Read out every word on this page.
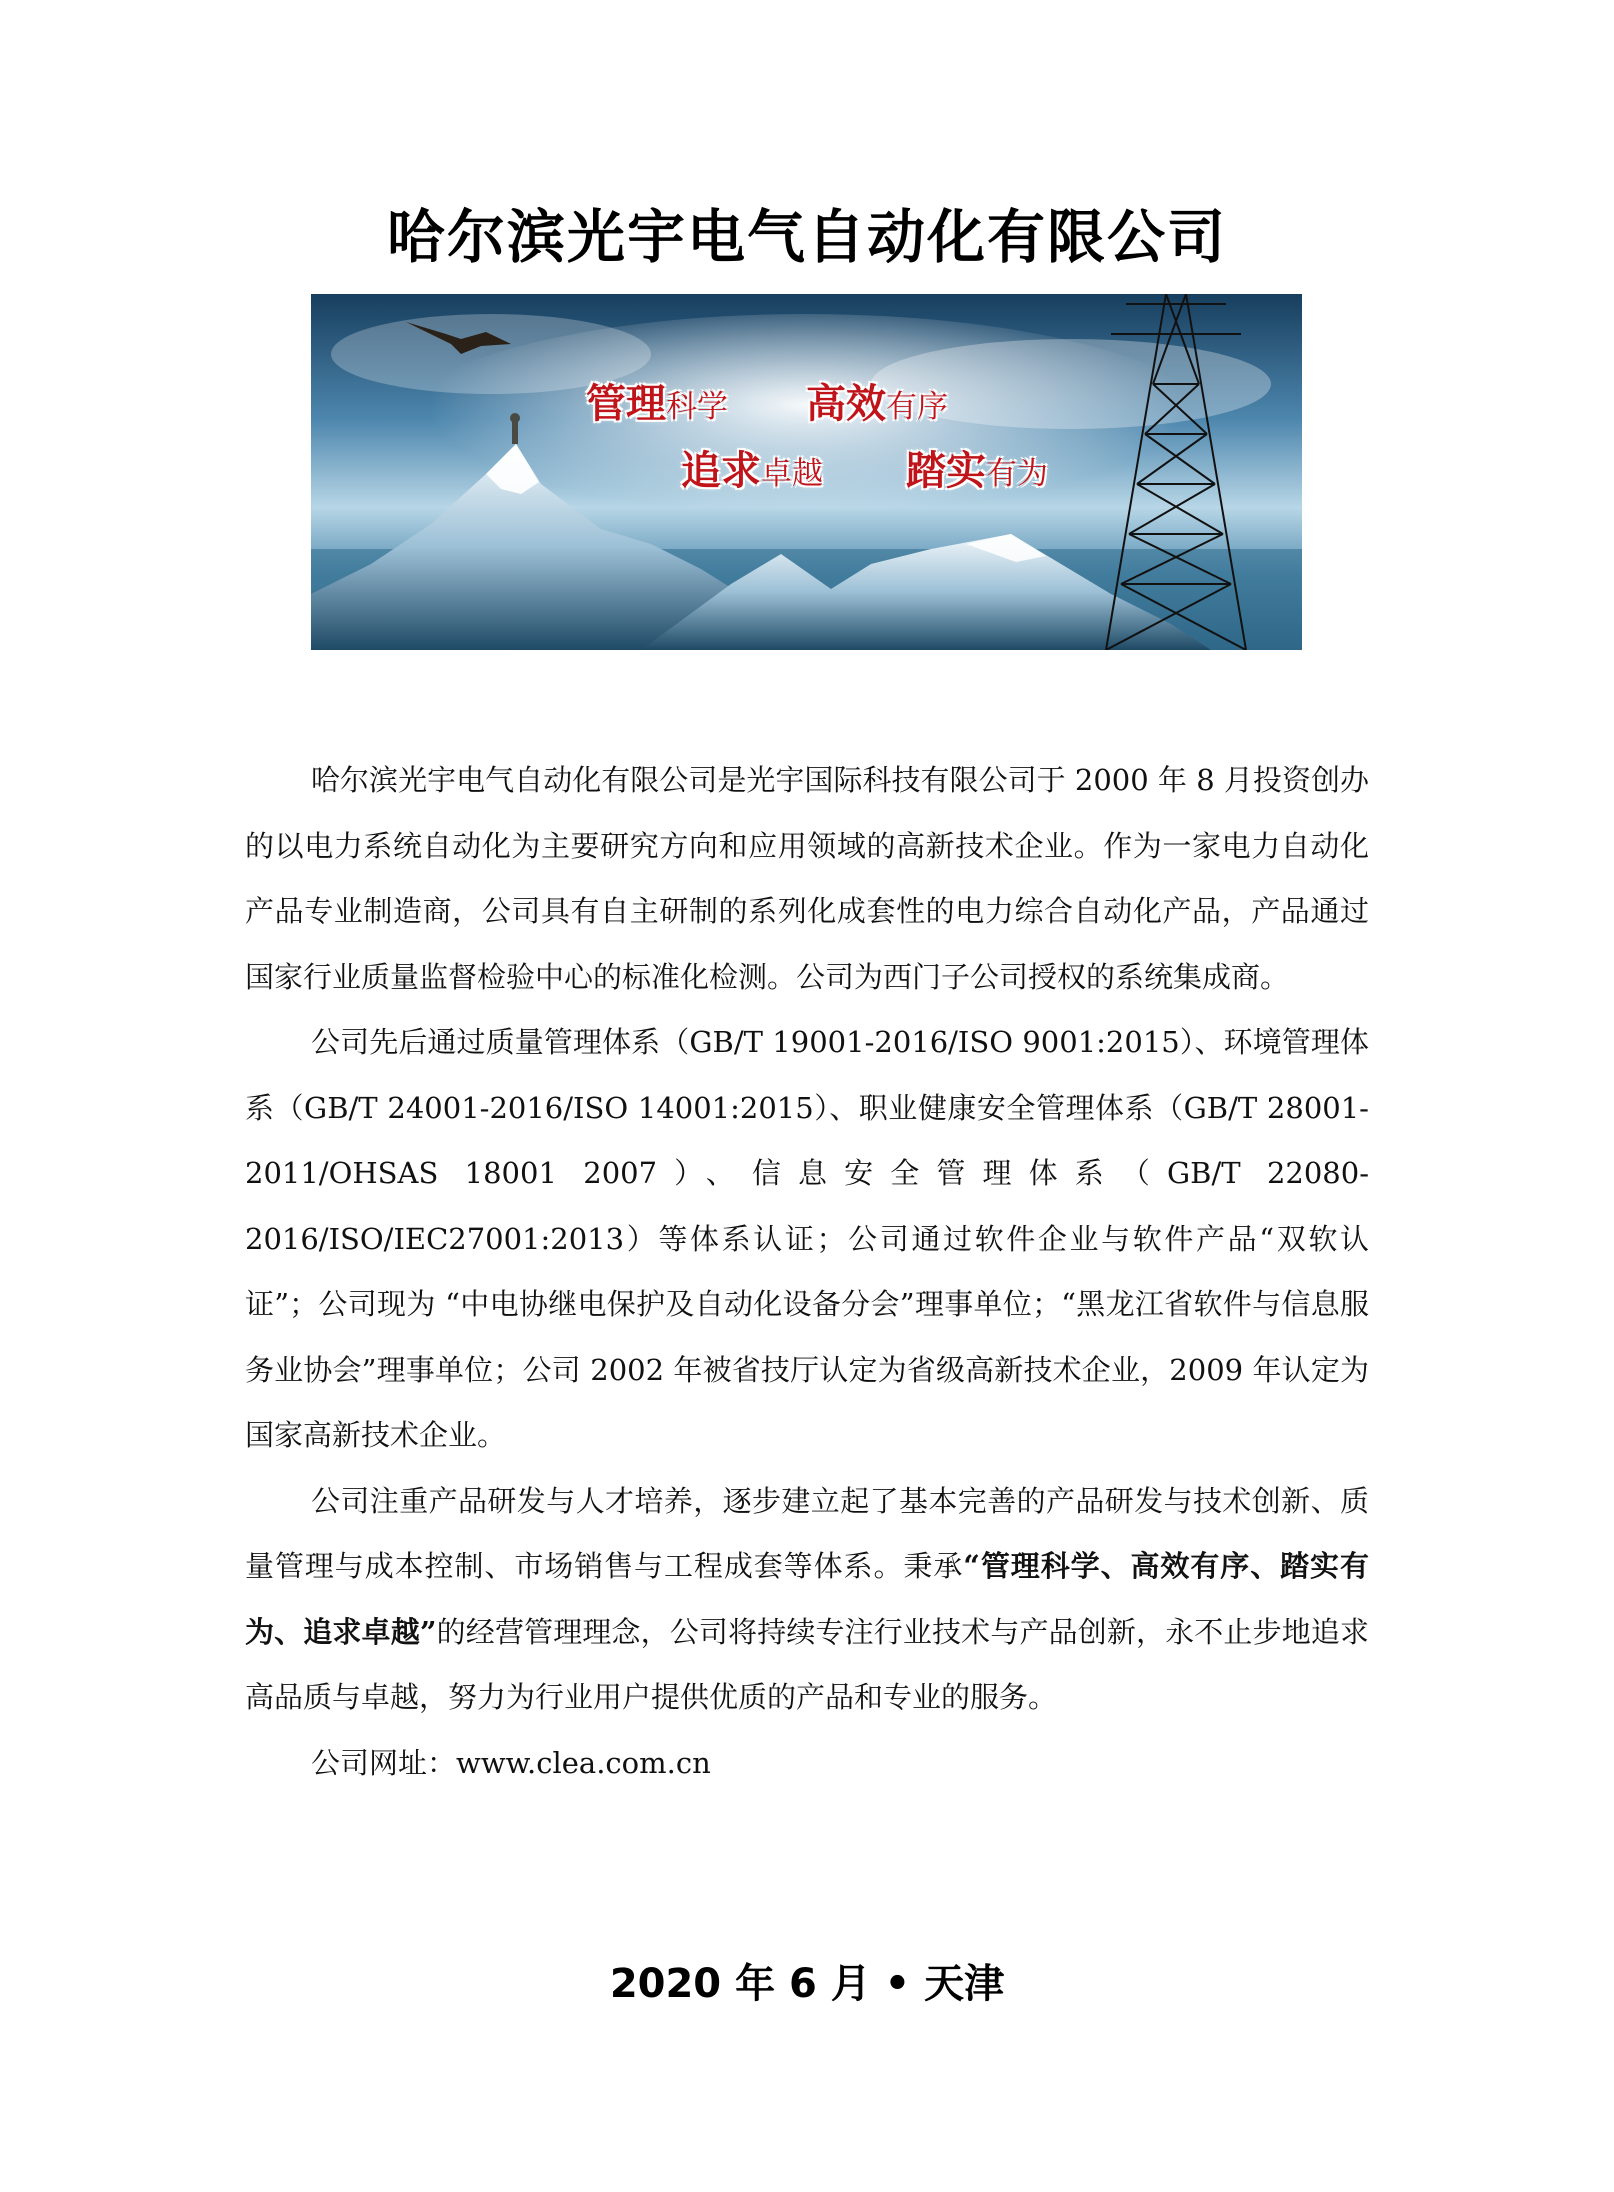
哈尔滨光宇电气自动化有限公司
管理科学 高效有序
追求卓越 踏实有为

哈尔滨光宇电气自动化有限公司是光宇国际科技有限公司于 2000 年 8 月投资创办的以电力系统自动化为主要研究方向和应用领域的高新技术企业。作为一家电力自动化产品专业制造商，公司具有自主研制的系列化成套性的电力综合自动化产品，产品通过国家行业质量监督检验中心的标准化检测。公司为西门子公司授权的系统集成商。

公司先后通过质量管理体系（GB/T 19001-2016/ISO 9001:2015）、环境管理体系（GB/T 24001-2016/ISO 14001:2015）、职业健康安全管理体系（GB/T 28001-2011/OHSAS 18001 2007）、信息安全管理体系（GB/T 22080-2016/ISO/IEC27001:2013）等体系认证；公司通过软件企业与软件产品“双软认证”；公司现为 “中电协继电保护及自动化设备分会”理事单位；“黑龙江省软件与信息服务业协会”理事单位；公司 2002 年被省技厅认定为省级高新技术企业，2009 年认定为国家高新技术企业。

公司注重产品研发与人才培养，逐步建立起了基本完善的产品研发与技术创新、质量管理与成本控制、市场销售与工程成套等体系。秉承“管理科学、高效有序、踏实有为、追求卓越”的经营管理理念，公司将持续专注行业技术与产品创新，永不止步地追求高品质与卓越，努力为行业用户提供优质的产品和专业的服务。

公司网址：www.clea.com.cn

2020 年 6 月 • 天津
